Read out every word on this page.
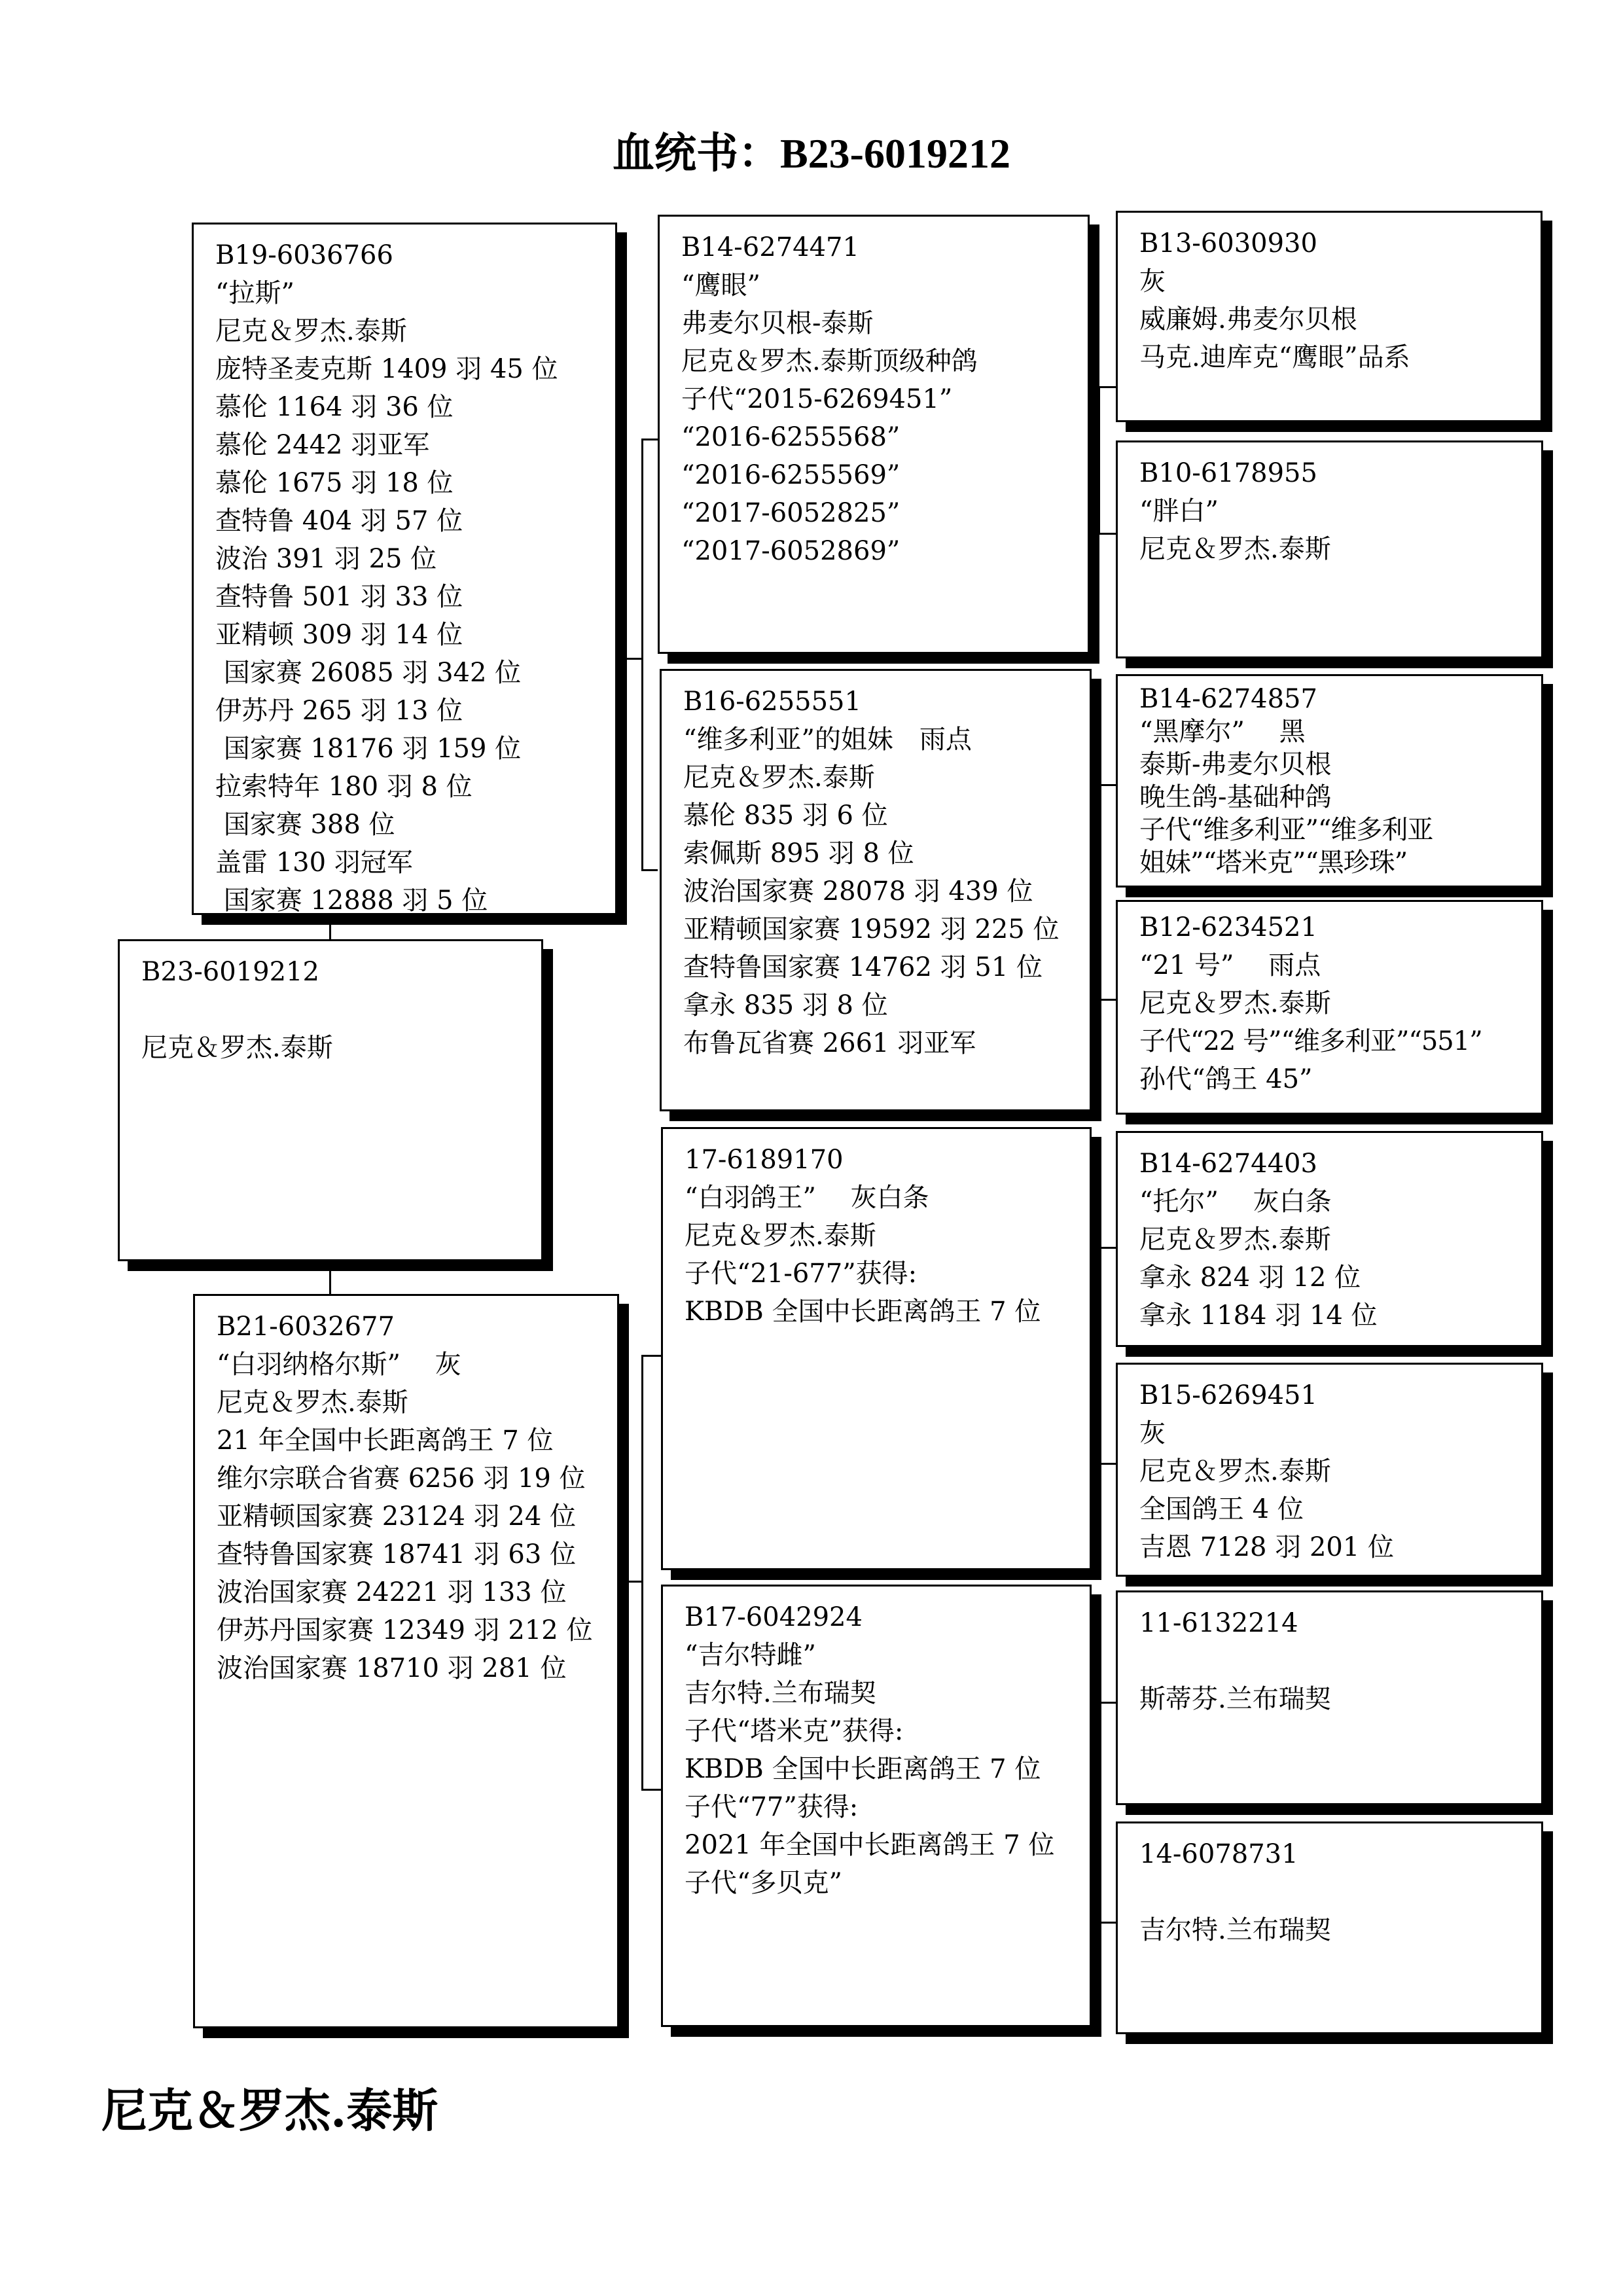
血统书：B23-6019212
B19-6036766
“拉斯”
尼克＆罗杰.泰斯
庞特圣麦克斯 1409 羽 45 位
慕伦 1164 羽 36 位
慕伦 2442 羽亚军
慕伦 1675 羽 18 位
查特鲁 404 羽 57 位
波治 391 羽 25 位
查特鲁 501 羽 33 位
亚精顿 309 羽 14 位
国家赛 26085 羽 342 位
伊苏丹 265 羽 13 位
国家赛 18176 羽 159 位
拉索特年 180 羽 8 位
国家赛 388 位
盖雷 130 羽冠军
国家赛 12888 羽 5 位
B23-6019212
尼克＆罗杰.泰斯
B21-6032677
“白羽纳格尔斯”　 灰
尼克＆罗杰.泰斯
21 年全国中长距离鸽王 7 位
维尔宗联合省赛 6256 羽 19 位
亚精顿国家赛 23124 羽 24 位
查特鲁国家赛 18741 羽 63 位
波治国家赛 24221 羽 133 位
伊苏丹国家赛 12349 羽 212 位
波治国家赛 18710 羽 281 位
B14-6274471
“鹰眼”
弗麦尔贝根-泰斯
尼克＆罗杰.泰斯顶级种鸽
子代“2015-6269451”
“2016-6255568”
“2016-6255569”
“2017-6052825”
“2017-6052869”
B16-6255551
“维多利亚”的姐妹　雨点
尼克＆罗杰.泰斯
慕伦 835 羽 6 位
索佩斯 895 羽 8 位
波治国家赛 28078 羽 439 位
亚精顿国家赛 19592 羽 225 位
查特鲁国家赛 14762 羽 51 位
拿永 835 羽 8 位
布鲁瓦省赛 2661 羽亚军
17-6189170
“白羽鸽王”　 灰白条
尼克＆罗杰.泰斯
子代“21-677”获得:
KBDB 全国中长距离鸽王 7 位
B17-6042924
“吉尔特雌”
吉尔特.兰布瑞契
子代“塔米克”获得:
KBDB 全国中长距离鸽王 7 位
子代“77”获得:
2021 年全国中长距离鸽王 7 位
子代“多贝克”
B13-6030930
灰
威廉姆.弗麦尔贝根
马克.迪库克“鹰眼”品系
B10-6178955
“胖白”
尼克＆罗杰.泰斯
B14-6274857
“黑摩尔”　 黑
泰斯-弗麦尔贝根
晚生鸽-基础种鸽
子代“维多利亚”“维多利亚
姐妹”“塔米克”“黑珍珠”
B12-6234521
“21 号”　 雨点
尼克＆罗杰.泰斯
子代“22 号”“维多利亚”“551”
孙代“鸽王 45”
B14-6274403
“托尔”　 灰白条
尼克＆罗杰.泰斯
拿永 824 羽 12 位
拿永 1184 羽 14 位
B15-6269451
灰
尼克＆罗杰.泰斯
全国鸽王 4 位
吉恩 7128 羽 201 位
11-6132214
斯蒂芬.兰布瑞契
14-6078731
吉尔特.兰布瑞契
尼克＆罗杰.泰斯
